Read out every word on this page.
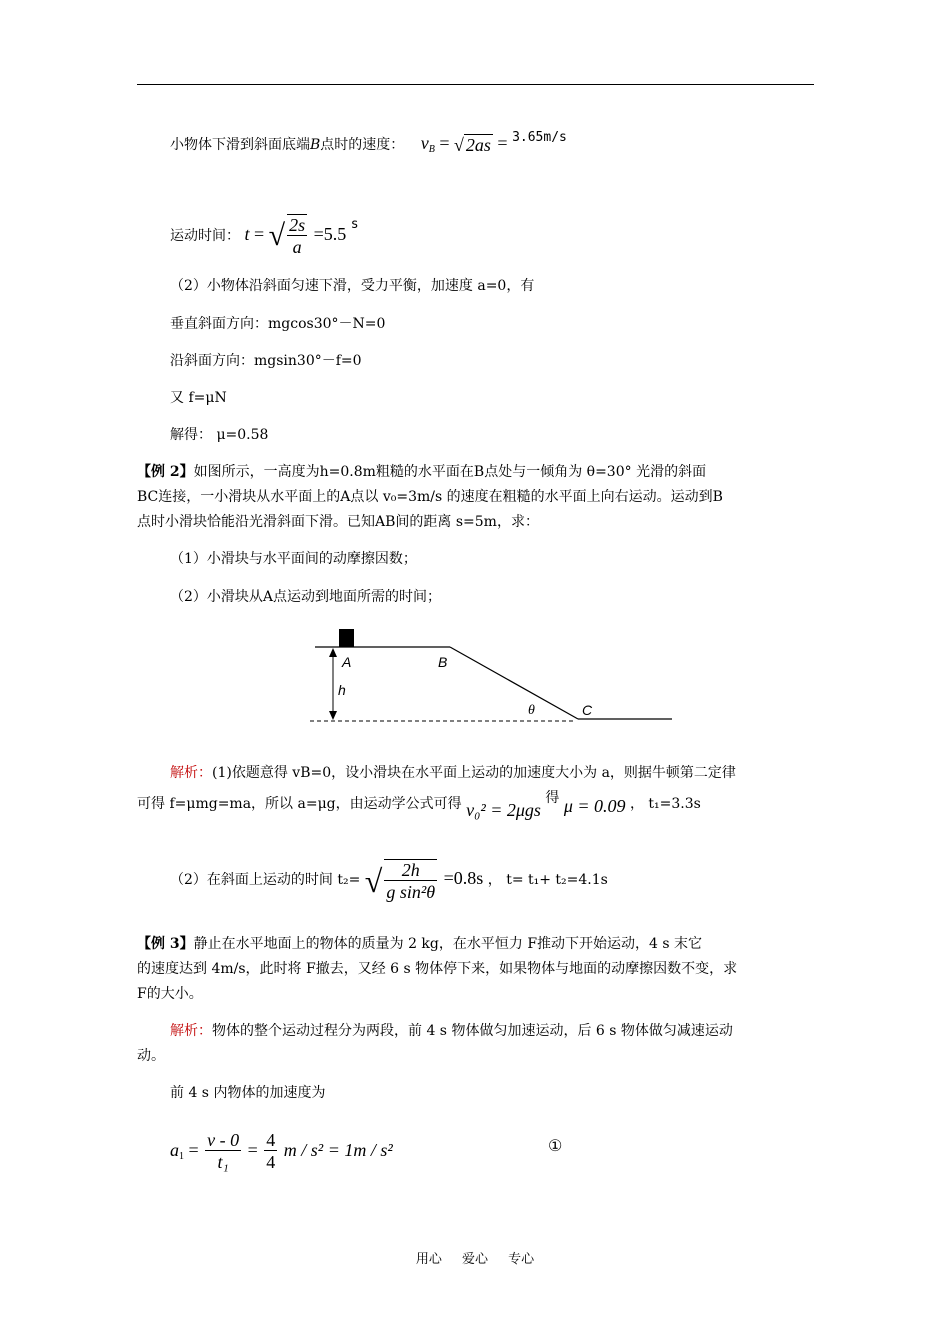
小物体下滑到斜面底端B点时的速度： $v_B$ = √ 2as = 3.65m/s
运动时间： t = √ $\frac{2s}{a} =5.5$ s
（2）小物体沿斜面匀速下滑，受力平衡，加速度 a=0，有
垂直斜面方向：mgcos30°－N=0
沿斜面方向：mgsin30°－f=0
又 f=μN
解得： μ=0.58
【例 2】如图所示，一高度为h=0.8m粗糙的水平面在B点处与一倾角为 θ=30° 光滑的斜面
BC连接，一小滑块从水平面上的A点以 v₀=3m/s 的速度在粗糙的水平面上向右运动。运动到B
点时小滑块恰能沿光滑斜面下滑。已知AB间的距离 s=5m，求：
（1）小滑块与水平面间的动摩擦因数；
（2）小滑块从A点运动到地面所需的时间；
A	B
C
h
θ
解析：(1)依题意得 vB=0，设小滑块在水平面上运动的加速度大小为 a，则据牛顿第二定律
可得 f=μmg=ma，所以 a=μg，由运动学公式可得 v₀² = 2μgs 得 μ = 0.09 ， t₁=3.3s
（2）在斜面上运动的时间 t₂= √ $\frac{2h}{\text{g sin²θ}} =0.8s$ ， t= t₁+ t₂=4.1s
【例 3】静止在水平地面上的物体的质量为 2 kg，在水平恒力 F推动下开始运动，4 s 末它
的速度达到 4m/s，此时将 F撤去，又经 6 s 物体停下来，如果物体与地面的动摩擦因数不变，求
F的大小。
解析：物体的整个运动过程分为两段，前 4 s 物体做匀加速运动，后 6 s 物体做匀减速运动
动。
前 4 s 内物体的加速度为
$a_1 = \frac{v - 0}{\text{t₁}} = \frac{4}{4}$ m / s² = 1m / s²	①
用心 爱心 专心
